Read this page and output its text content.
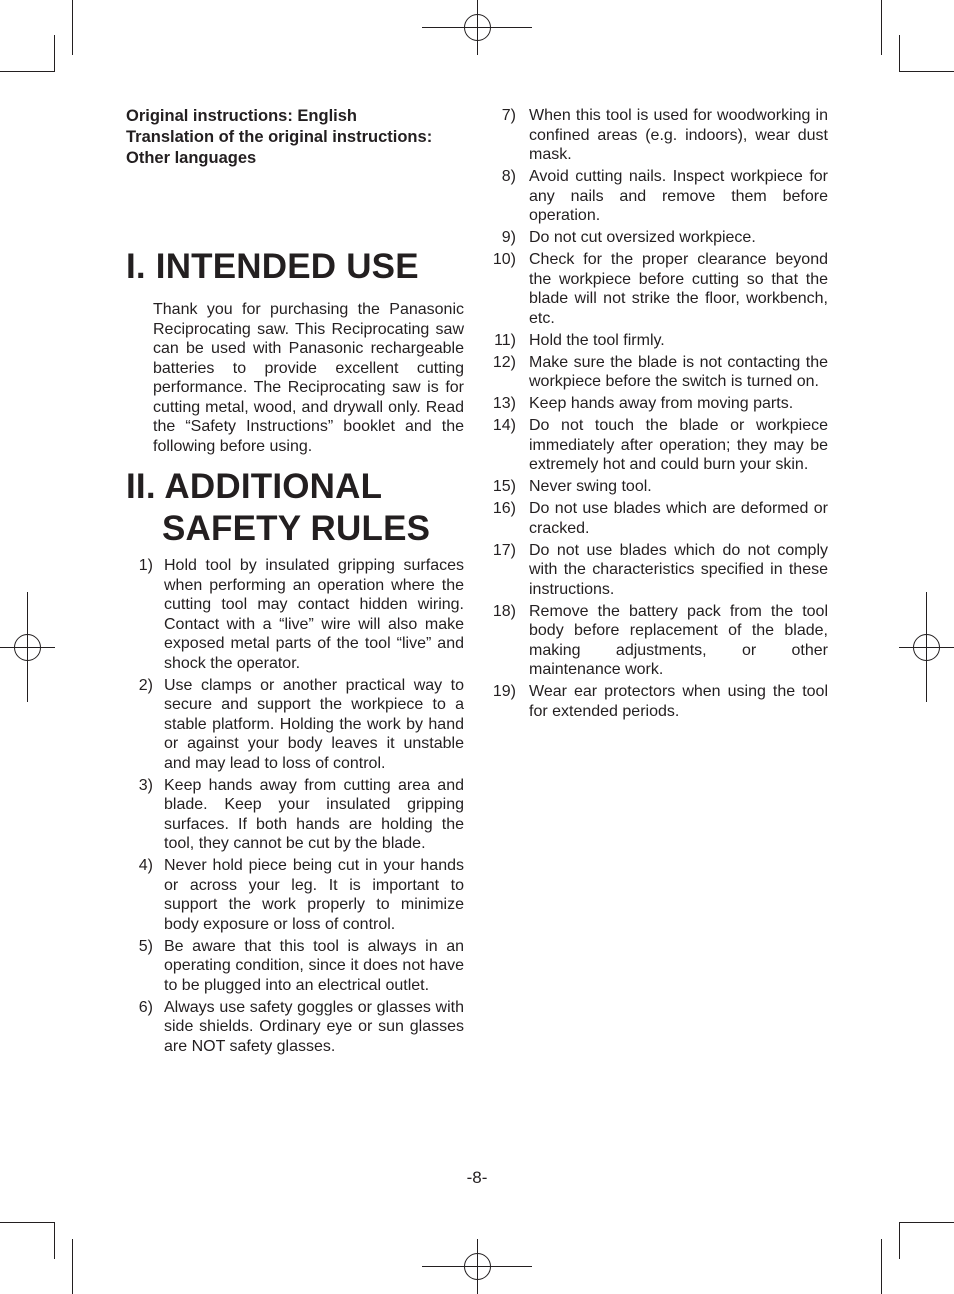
Original instructions: English
Translation of the original instructions:
Other languages
I. INTENDED USE

Thank you for purchasing the Panasonic Reciprocating saw. This Reciprocating saw can be used with Panasonic rechargeable batteries to provide excellent cutting performance. The Reciprocating saw is for cutting metal, wood, and drywall only. Read the “Safety Instructions” booklet and the following before using.

II. ADDITIONAL
SAFETY RULES
1) Hold tool by insulated gripping surfaces when performing an operation where the cutting tool may contact hidden wiring. Contact with a “live” wire will also make exposed metal parts of the tool “live” and shock the operator.
2) Use clamps or another practical way to secure and support the workpiece to a stable platform. Holding the work by hand or against your body leaves it unstable and may lead to loss of control.
3) Keep hands away from cutting area and blade. Keep your insulated gripping surfaces. If both hands are holding the tool, they cannot be cut by the blade.
4) Never hold piece being cut in your hands or across your leg. It is important to support the work properly to minimize body exposure or loss of control.
5) Be aware that this tool is always in an operating condition, since it does not have to be plugged into an electrical outlet.
6) Always use safety goggles or glasses with side shields. Ordinary eye or sun glasses are NOT safety glasses.
7) When this tool is used for woodworking in confined areas (e.g. indoors), wear dust mask.
8) Avoid cutting nails. Inspect workpiece for any nails and remove them before operation.
9) Do not cut oversized workpiece.
10) Check for the proper clearance beyond the workpiece before cutting so that the blade will not strike the floor, workbench, etc.
11) Hold the tool firmly.
12) Make sure the blade is not contacting the workpiece before the switch is turned on.
13) Keep hands away from moving parts.
14) Do not touch the blade or workpiece immediately after operation; they may be extremely hot and could burn your skin.
15) Never swing tool.
16) Do not use blades which are deformed or cracked.
17) Do not use blades which do not comply with the characteristics specified in these instructions.
18) Remove the battery pack from the tool body before replacement of the blade, making adjustments, or other maintenance work.
19) Wear ear protectors when using the tool for extended periods.
-8-
